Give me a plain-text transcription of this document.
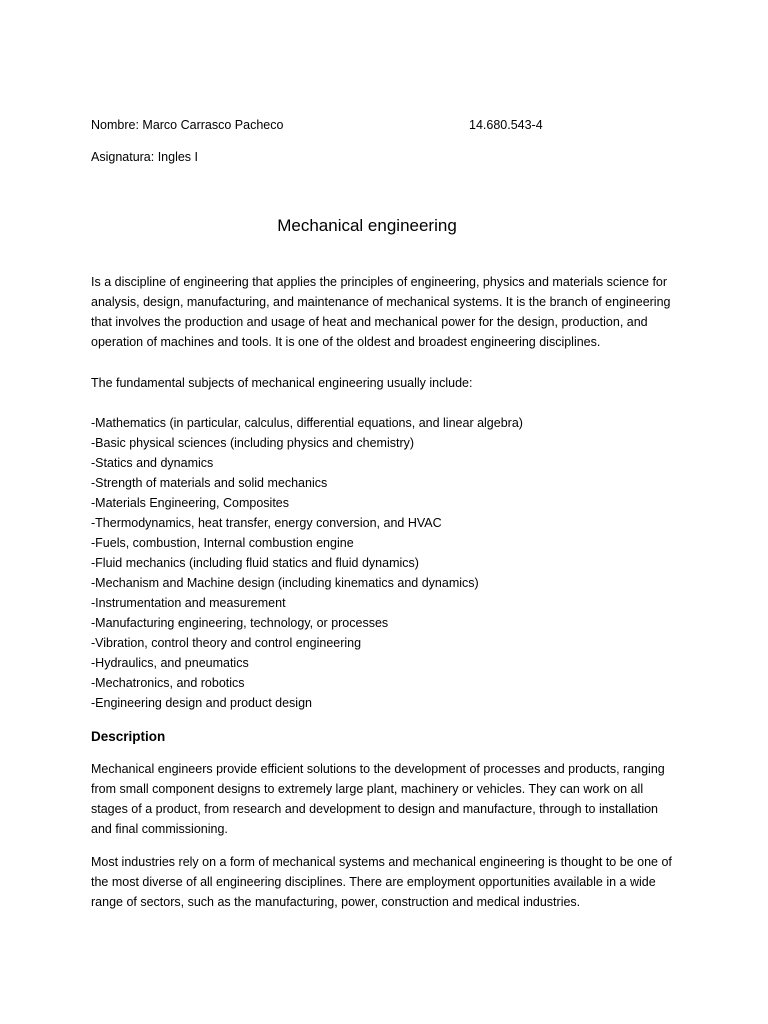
Nombre: Marco Carrasco Pacheco	14.680.543-4
Asignatura: Ingles I
Mechanical engineering

Is a discipline of engineering that applies the principles of engineering, physics and materials science for analysis, design, manufacturing, and maintenance of mechanical systems. It is the branch of engineering that involves the production and usage of heat and mechanical power for the design, production, and operation of machines and tools. It is one of the oldest and broadest engineering disciplines.

The fundamental subjects of mechanical engineering usually include:

-Mathematics (in particular, calculus, differential equations, and linear algebra)
-Basic physical sciences (including physics and chemistry)
-Statics and dynamics
-Strength of materials and solid mechanics
-Materials Engineering, Composites
-Thermodynamics, heat transfer, energy conversion, and HVAC
-Fuels, combustion, Internal combustion engine
-Fluid mechanics (including fluid statics and fluid dynamics)
-Mechanism and Machine design (including kinematics and dynamics)
-Instrumentation and measurement
-Manufacturing engineering, technology, or processes
-Vibration, control theory and control engineering
-Hydraulics, and pneumatics
-Mechatronics, and robotics
-Engineering design and product design
Description

Mechanical engineers provide efficient solutions to the development of processes and products, ranging from small component designs to extremely large plant, machinery or vehicles. They can work on all stages of a product, from research and development to design and manufacture, through to installation and final commissioning.

Most industries rely on a form of mechanical systems and mechanical engineering is thought to be one of the most diverse of all engineering disciplines. There are employment opportunities available in a wide range of sectors, such as the manufacturing, power, construction and medical industries.
